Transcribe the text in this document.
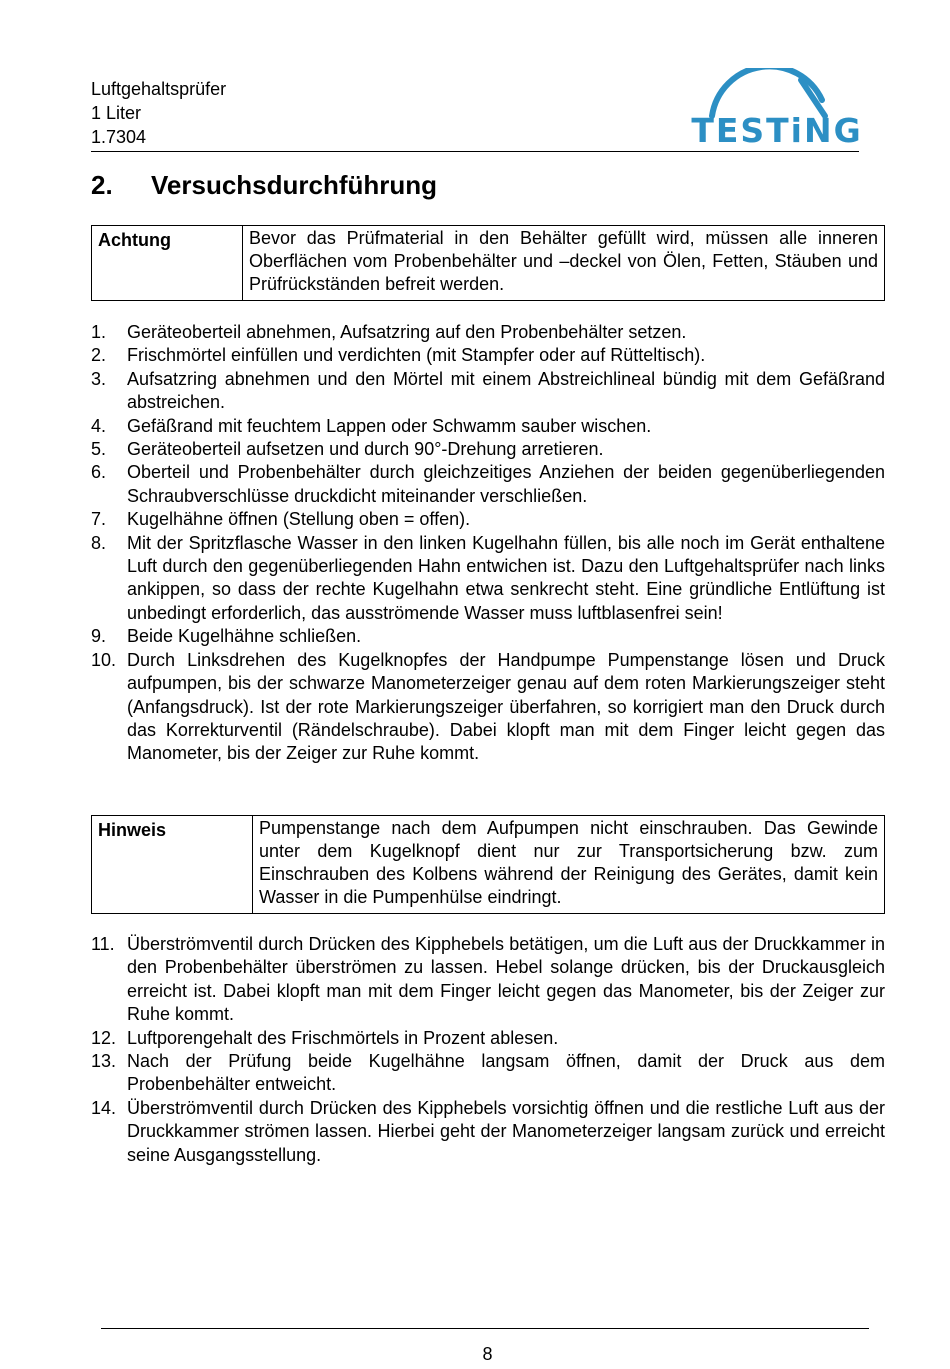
Luftgehaltsprüfer
1 Liter
1.7304	TESTiNG
2. Versuchsdurchführung
Achtung	Bevor das Prüfmaterial in den Behälter gefüllt wird, müssen alle inneren Oberflächen vom Probenbehälter und –deckel von Ölen, Fetten, Stäuben und Prüfrückständen befreit werden.
1.	Geräteoberteil abnehmen, Aufsatzring auf den Probenbehälter setzen.
2.	Frischmörtel einfüllen und verdichten (mit Stampfer oder auf Rütteltisch).
3.	Aufsatzring abnehmen und den Mörtel mit einem Abstreichlineal bündig mit dem Gefäßrand abstreichen.
4.	Gefäßrand mit feuchtem Lappen oder Schwamm sauber wischen.
5.	Geräteoberteil aufsetzen und durch 90°-Drehung arretieren.
6.	Oberteil und Probenbehälter durch gleichzeitiges Anziehen der beiden gegenüberliegenden Schraubverschlüsse druckdicht miteinander verschließen.
7.	Kugelhähne öffnen (Stellung oben = offen).
8.	Mit der Spritzflasche Wasser in den linken Kugelhahn füllen, bis alle noch im Gerät enthaltene Luft durch den gegenüberliegenden Hahn entwichen ist. Dazu den Luftgehaltsprüfer nach links ankippen, so dass der rechte Kugelhahn etwa senkrecht steht. Eine gründliche Entlüftung ist unbedingt erforderlich, das ausströmende Wasser muss luftblasenfrei sein!
9.	Beide Kugelhähne schließen.
10. Durch Linksdrehen des Kugelknopfes der Handpumpe Pumpenstange lösen und Druck aufpumpen, bis der schwarze Manometerzeiger genau auf dem roten Markierungszeiger steht (Anfangsdruck). Ist der rote Markierungszeiger überfahren, so korrigiert man den Druck durch das Korrekturventil (Rändelschraube). Dabei klopft man mit dem Finger leicht gegen das Manometer, bis der Zeiger zur Ruhe kommt.
Hinweis	Pumpenstange nach dem Aufpumpen nicht einschrauben. Das Gewinde unter dem Kugelknopf dient nur zur Transportsicherung bzw. zum Einschrauben des Kolbens während der Reinigung des Gerätes, damit kein Wasser in die Pumpenhülse eindringt.
11. Überströmventil durch Drücken des Kipphebels betätigen, um die Luft aus der Druckkammer in den Probenbehälter überströmen zu lassen. Hebel solange drücken, bis der Druckausgleich erreicht ist. Dabei klopft man mit dem Finger leicht gegen das Manometer, bis der Zeiger zur Ruhe kommt.
12. Luftporengehalt des Frischmörtels in Prozent ablesen.
13. Nach der Prüfung beide Kugelhähne langsam öffnen, damit der Druck aus dem Probenbehälter entweicht.
14. Überströmventil durch Drücken des Kipphebels vorsichtig öffnen und die restliche Luft aus der Druckkammer strömen lassen. Hierbei geht der Manometerzeiger langsam zurück und erreicht seine Ausgangsstellung.
8
